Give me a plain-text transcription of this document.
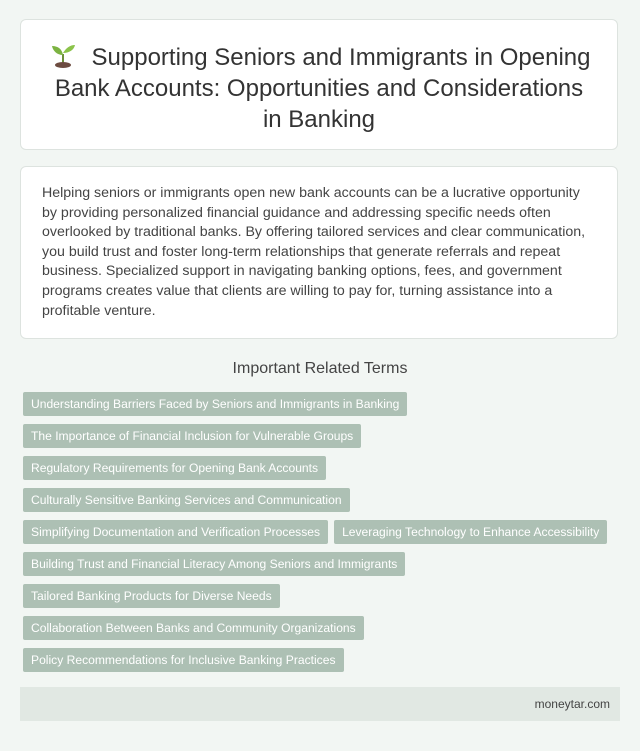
Supporting Seniors and Immigrants in Opening Bank Accounts: Opportunities and Considerations in Banking

Helping seniors or immigrants open new bank accounts can be a lucrative opportunity by providing personalized financial guidance and addressing specific needs often overlooked by traditional banks. By offering tailored services and clear communication, you build trust and foster long-term relationships that generate referrals and repeat business. Specialized support in navigating banking options, fees, and government programs creates value that clients are willing to pay for, turning assistance into a profitable venture.

Important Related Terms
Understanding Barriers Faced by Seniors and Immigrants in Banking
The Importance of Financial Inclusion for Vulnerable Groups
Regulatory Requirements for Opening Bank Accounts
Culturally Sensitive Banking Services and Communication
Simplifying Documentation and Verification Processes	Leveraging Technology to Enhance Accessibility
Building Trust and Financial Literacy Among Seniors and Immigrants
Tailored Banking Products for Diverse Needs
Collaboration Between Banks and Community Organizations
Policy Recommendations for Inclusive Banking Practices
moneytar.com
